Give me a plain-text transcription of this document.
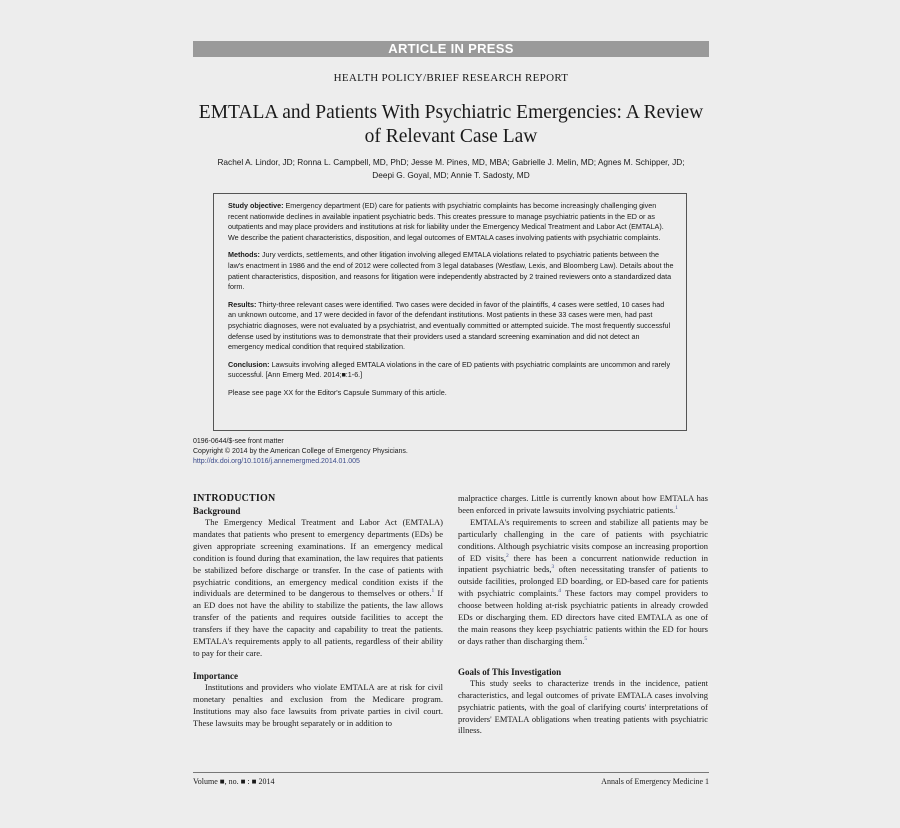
ARTICLE IN PRESS
HEALTH POLICY/BRIEF RESEARCH REPORT
EMTALA and Patients With Psychiatric Emergencies: A Review of Relevant Case Law
Rachel A. Lindor, JD; Ronna L. Campbell, MD, PhD; Jesse M. Pines, MD, MBA; Gabrielle J. Melin, MD; Agnes M. Schipper, JD;
Deepi G. Goyal, MD; Annie T. Sadosty, MD

Study objective: Emergency department (ED) care for patients with psychiatric complaints has become increasingly challenging given recent nationwide declines in available inpatient psychiatric beds. This creates pressure to manage psychiatric patients in the ED or as outpatients and may place providers and institutions at risk for liability under the Emergency Medical Treatment and Labor Act (EMTALA). We describe the patient characteristics, disposition, and legal outcomes of EMTALA cases involving patients with psychiatric complaints.

Methods: Jury verdicts, settlements, and other litigation involving alleged EMTALA violations related to psychiatric patients between the law's enactment in 1986 and the end of 2012 were collected from 3 legal databases (Westlaw, Lexis, and Bloomberg Law). Details about the patient characteristics, disposition, and reasons for litigation were independently abstracted by 2 trained reviewers onto a standardized data form.

Results: Thirty-three relevant cases were identified. Two cases were decided in favor of the plaintiffs, 4 cases were settled, 10 cases had an unknown outcome, and 17 were decided in favor of the defendant institutions. Most patients in these 33 cases were men, had past psychiatric diagnoses, were not evaluated by a psychiatrist, and eventually committed or attempted suicide. The most frequently successful defense used by institutions was to demonstrate that their providers used a standard screening examination and did not detect an emergency medical condition that required stabilization.

Conclusion: Lawsuits involving alleged EMTALA violations in the care of ED patients with psychiatric complaints are uncommon and rarely successful. [Ann Emerg Med. 2014;■:1-6.]

Please see page XX for the Editor's Capsule Summary of this article.

0196-0644/$-see front matter
Copyright © 2014 by the American College of Emergency Physicians.
http://dx.doi.org/10.1016/j.annemergmed.2014.01.005
INTRODUCTION
Background

The Emergency Medical Treatment and Labor Act (EMTALA) mandates that patients who present to emergency departments (EDs) be given appropriate screening examinations. If an emergency medical condition is found during that examination, the law requires that patients be stabilized before discharge or transfer. In the case of patients with psychiatric conditions, an emergency medical condition exists if the individuals are determined to be dangerous to themselves or others.$^1$ If an ED does not have the ability to stabilize the patients, the law allows transfer of the patients and requires outside facilities to accept the transfers if they have the capacity and capability to treat the patients. EMTALA's requirements apply to all patients, regardless of their ability to pay for their care.

Importance

Institutions and providers who violate EMTALA are at risk for civil monetary penalties and exclusion from the Medicare program. Institutions may also face lawsuits from private parties in civil court. These lawsuits may be brought separately or in addition to

malpractice charges. Little is currently known about how EMTALA has been enforced in private lawsuits involving psychiatric patients.$^1$

EMTALA's requirements to screen and stabilize all patients may be particularly challenging in the care of patients with psychiatric conditions. Although psychiatric visits compose an increasing proportion of ED visits,$^2$ there has been a concurrent nationwide reduction in inpatient psychiatric beds,$^3$ often necessitating transfer of patients to outside facilities, prolonged ED boarding, or ED-based care for patients with psychiatric complaints.$^4$ These factors may compel providers to choose between holding at-risk psychiatric patients in already crowded EDs or discharging them. ED directors have cited EMTALA as one of the main reasons they keep psychiatric patients within the ED for hours or days rather than discharging them.$^5$

Goals of This Investigation

This study seeks to characterize trends in the incidence, patient characteristics, and legal outcomes of private EMTALA cases involving psychiatric patients, with the goal of clarifying courts' interpretations of providers' EMTALA obligations when treating patients with psychiatric illness.

Volume ■, no. ■ : ■ 2014	Annals of Emergency Medicine 1
